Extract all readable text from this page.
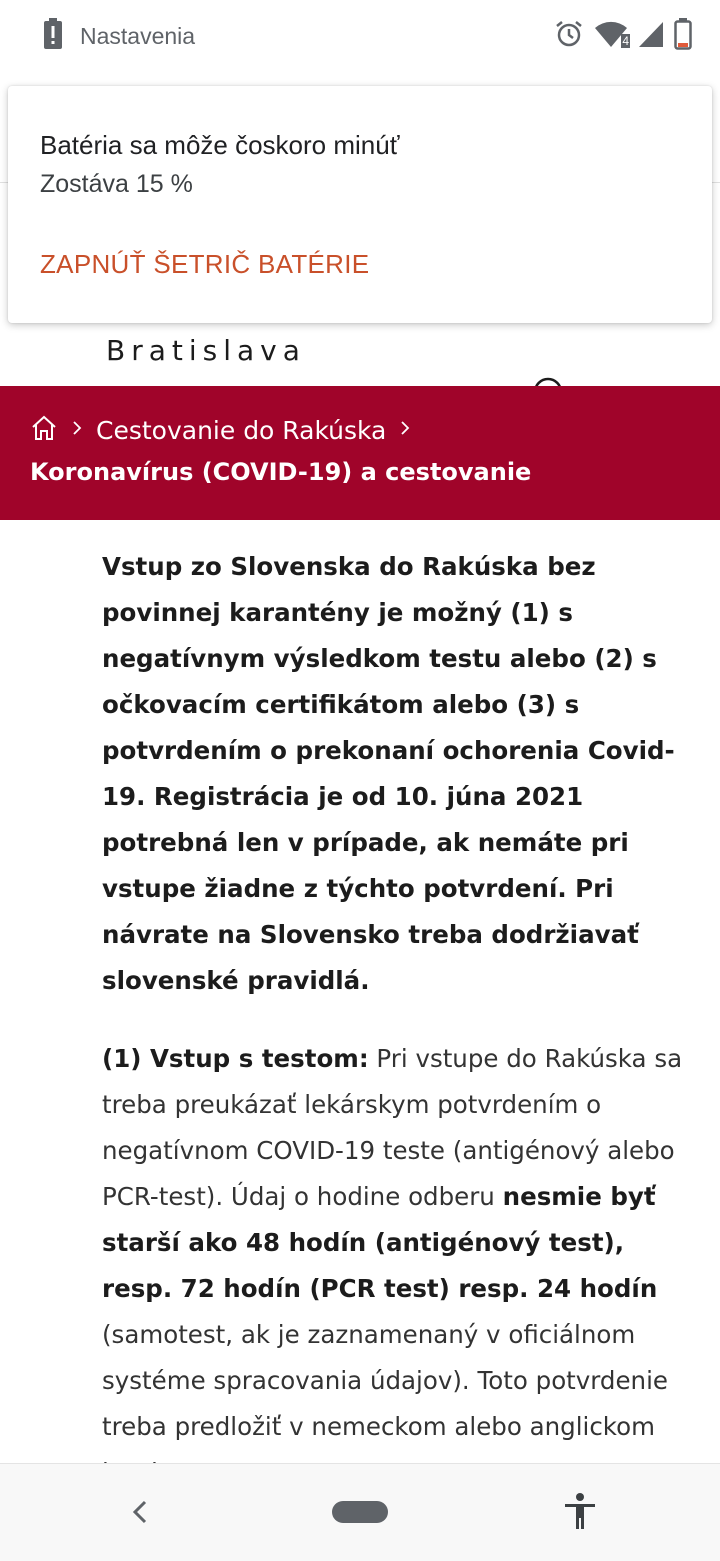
Nastavenia	4
Bratislava
Batéria sa môže čoskoro minúť
Zostáva 15 %
ZAPNÚŤ ŠETRIČ BATÉRIE
Cestovanie do Rakúska
Koronavírus (COVID-19) a cestovanie

Vstup zo Slovenska do Rakúska bez povinnej karantény je možný (1) s negatívnym výsledkom testu alebo (2) s očkovacím certifikátom alebo (3) s potvrdením o prekonaní ochorenia Covid-19. Registrácia je od 10. júna 2021 potrebná len v prípade, ak nemáte pri vstupe žiadne z týchto potvrdení. Pri návrate na Slovensko treba dodržiavať slovenské pravidlá.

(1) Vstup s testom: Pri vstupe do Rakúska sa treba preukázať lekárskym potvrdením o negatívnom COVID-19 teste (antigénový alebo PCR-test). Údaj o hodine odberu nesmie byť starší ako 48 hodín (antigénový test), resp. 72 hodín (PCR test) resp. 24 hodín (samotest, ak je zaznamenaný v oficiálnom systéme spracovania údajov). Toto potvrdenie treba predložiť v nemeckom alebo anglickom
